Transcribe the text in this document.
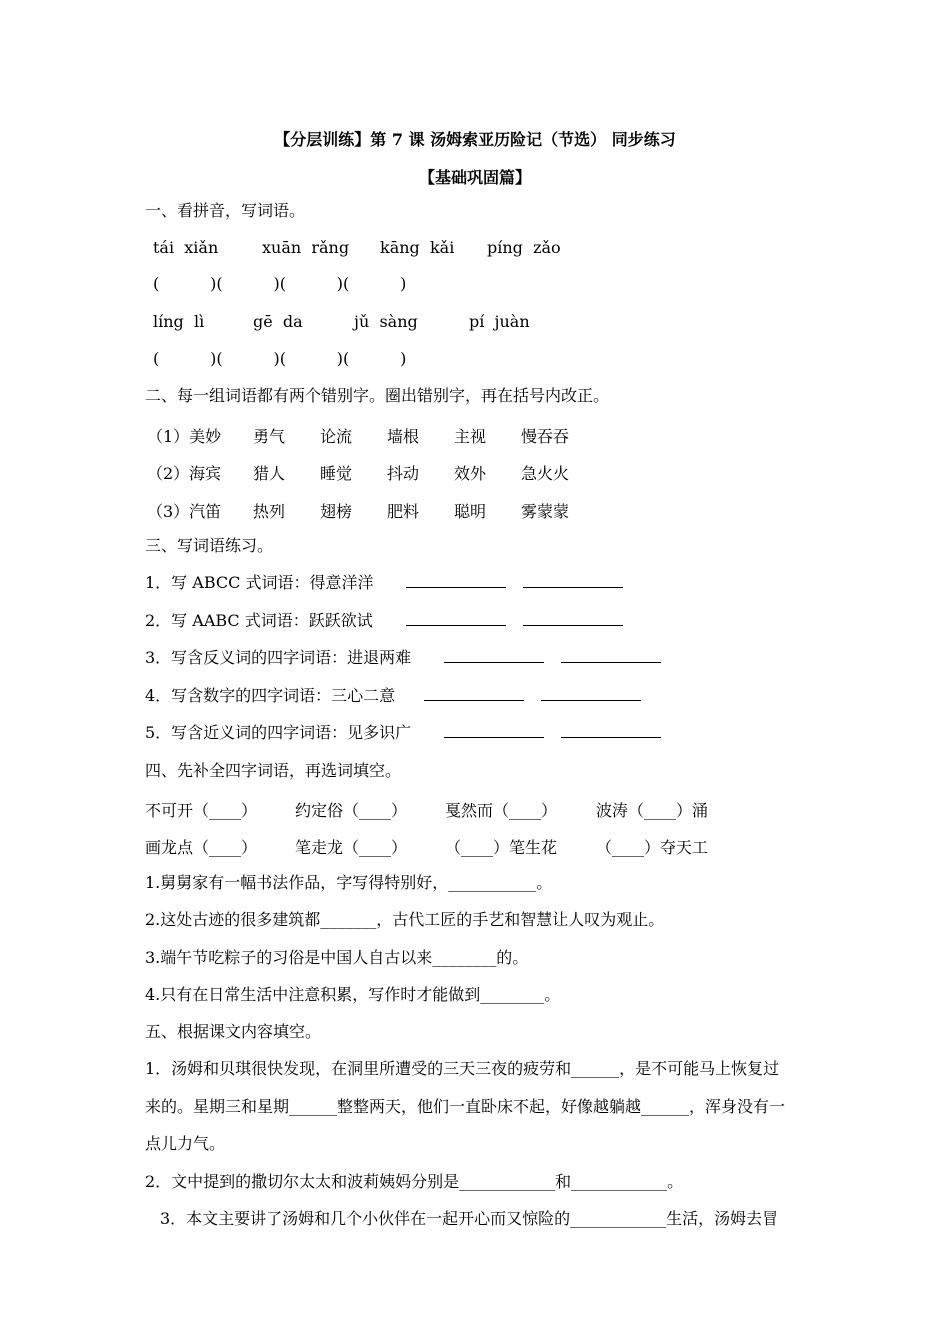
【分层训练】第 7 课 汤姆索亚历险记（节选） 同步练习
【基础巩固篇】
一、看拼音，写词语。
tái  xiǎn	xuān  rǎng kāng  kǎi píng  zǎo
(          )(          )(          )(          )
líng  lì	gē  da	jǔ  sàng	pí  juàn
(          )(          )(          )(          )
二、每一组词语都有两个错别字。圈出错别字，再在括号内改正。
（1）美妙 勇气 论流 墙根 主视 慢吞吞
（2）海宾 猎人 睡觉 抖动 效外 急火火
（3）汽笛 热列 翅榜 肥料 聪明 雾蒙蒙
三、写词语练习。
1．写 ABCC 式词语：得意洋洋
2．写 AABC 式词语：跃跃欲试
3．写含反义词的四字词语：进退两难
4．写含数字的四字词语：三心二意
5．写含近义词的四字词语：见多识广
四、先补全四字词语，再选词填空。
不可开（____） 约定俗（____） 戛然而（____） 波涛（____）涌
画龙点（____） 笔走龙（____） （____）笔生花 （____）夺天工
1.舅舅家有一幅书法作品，字写得特别好，___________。
2.这处古迹的很多建筑都_______，古代工匠的手艺和智慧让人叹为观止。
3.端午节吃粽子的习俗是中国人自古以来________的。
4.只有在日常生活中注意积累，写作时才能做到________。
五、根据课文内容填空。
1．汤姆和贝琪很快发现，在洞里所遭受的三天三夜的疲劳和______，是不可能马上恢复过
来的。星期三和星期______整整两天，他们一直卧床不起，好像越躺越______，浑身没有一
点儿力气。
2．文中提到的撒切尔太太和波莉姨妈分别是____________和____________。
3．本文主要讲了汤姆和几个小伙伴在一起开心而又惊险的____________生活，汤姆去冒
